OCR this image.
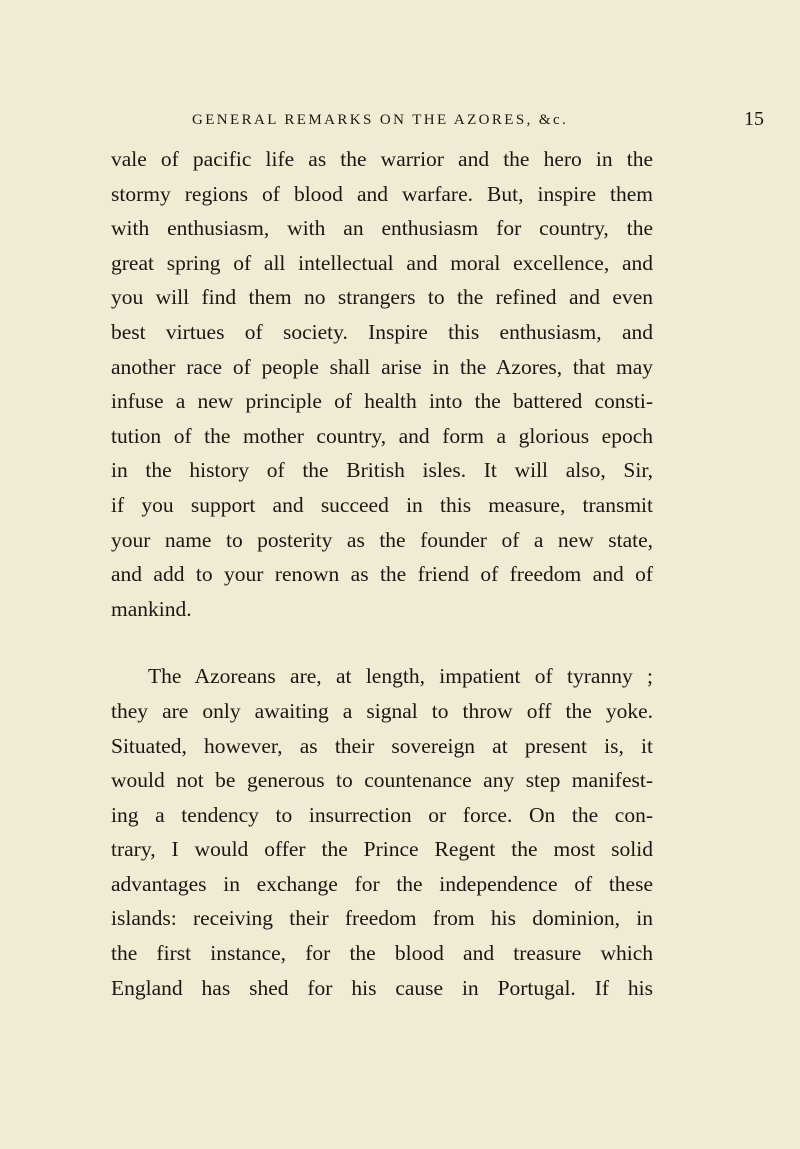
GENERAL REMARKS ON THE AZORES, &c.	15
vale of pacific life as the warrior and the hero in the
stormy regions of blood and warfare. But, inspire them
with enthusiasm, with an enthusiasm for country, the
great spring of all intellectual and moral excellence, and
you will find them no strangers to the refined and even
best virtues of society. Inspire this enthusiasm, and
another race of people shall arise in the Azores, that may
infuse a new principle of health into the battered consti-
tution of the mother country, and form a glorious epoch
in the history of the British isles. It will also, Sir,
if you support and succeed in this measure, transmit
your name to posterity as the founder of a new state,
and add to your renown as the friend of freedom and of
mankind.
The Azoreans are, at length, impatient of tyranny ;
they are only awaiting a signal to throw off the yoke.
Situated, however, as their sovereign at present is, it
would not be generous to countenance any step manifest-
ing a tendency to insurrection or force. On the con-
trary, I would offer the Prince Regent the most solid
advantages in exchange for the independence of these
islands: receiving their freedom from his dominion, in
the first instance, for the blood and treasure which
England has shed for his cause in Portugal. If his
